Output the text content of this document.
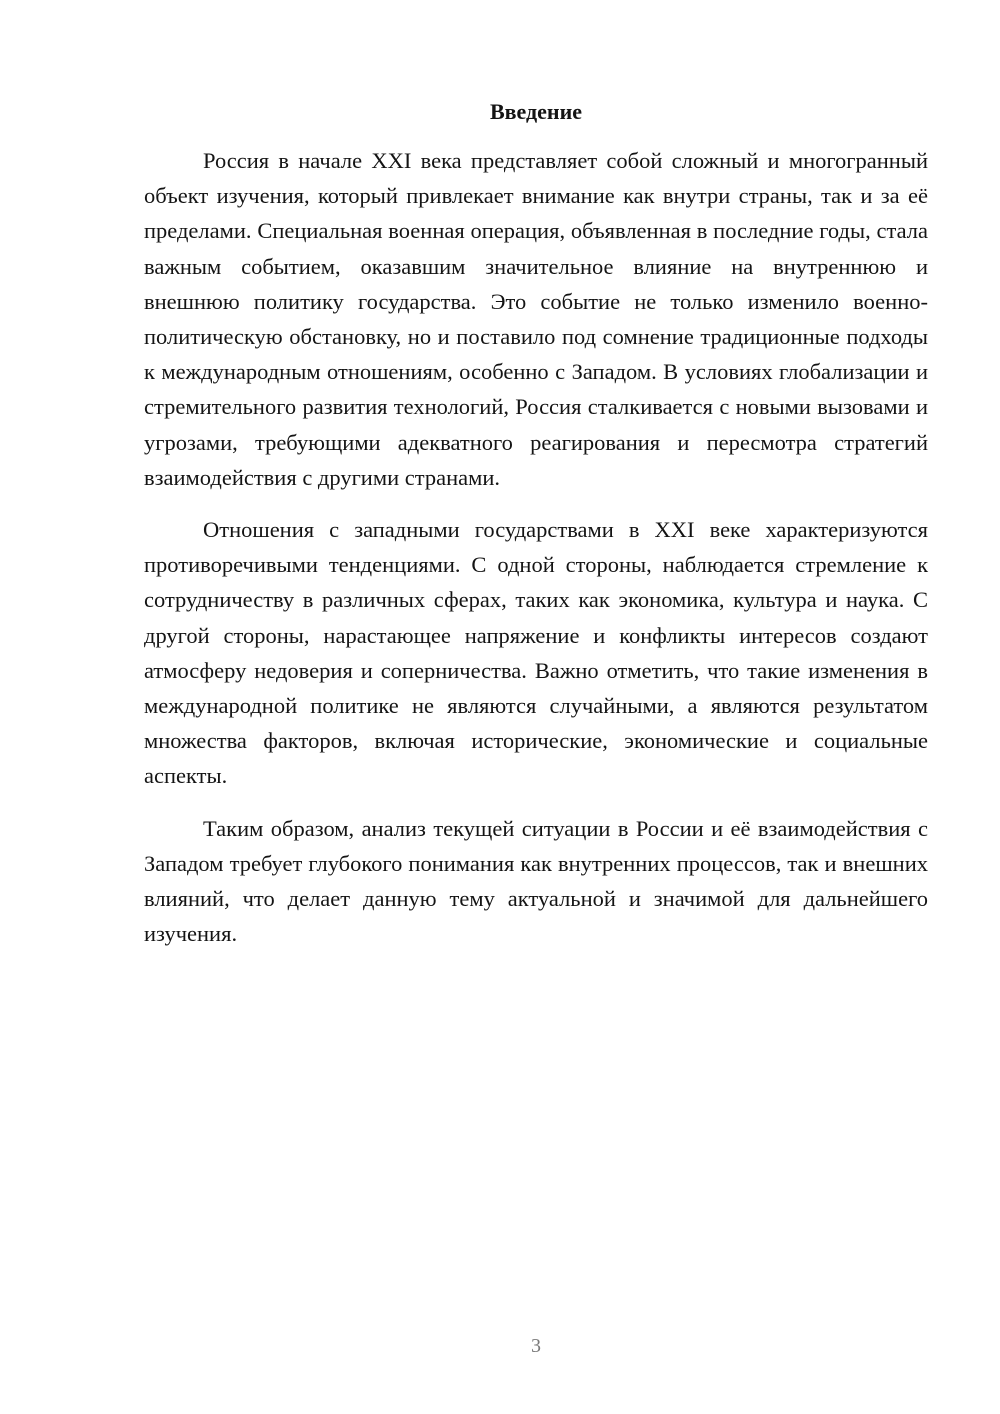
Введение

Россия в начале XXI века представляет собой сложный и многогранный объект изучения, который привлекает внимание как внутри страны, так и за её пределами. Специальная военная операция, объявленная в последние годы, стала важным событием, оказавшим значительное влияние на внутреннюю и внешнюю политику государства. Это событие не только изменило военно-политическую обстановку, но и поставило под сомнение традиционные подходы к международным отношениям, особенно с Западом. В условиях глобализации и стремительного развития технологий, Россия сталкивается с новыми вызовами и угрозами, требующими адекватного реагирования и пересмотра стратегий взаимодействия с другими странами.

Отношения с западными государствами в XXI веке характеризуются противоречивыми тенденциями. С одной стороны, наблюдается стремление к сотрудничеству в различных сферах, таких как экономика, культура и наука. С другой стороны, нарастающее напряжение и конфликты интересов создают атмосферу недоверия и соперничества. Важно отметить, что такие изменения в международной политике не являются случайными, а являются результатом множества факторов, включая исторические, экономические и социальные аспекты.

Таким образом, анализ текущей ситуации в России и её взаимодействия с Западом требует глубокого понимания как внутренних процессов, так и внешних влияний, что делает данную тему актуальной и значимой для дальнейшего изучения.

3
